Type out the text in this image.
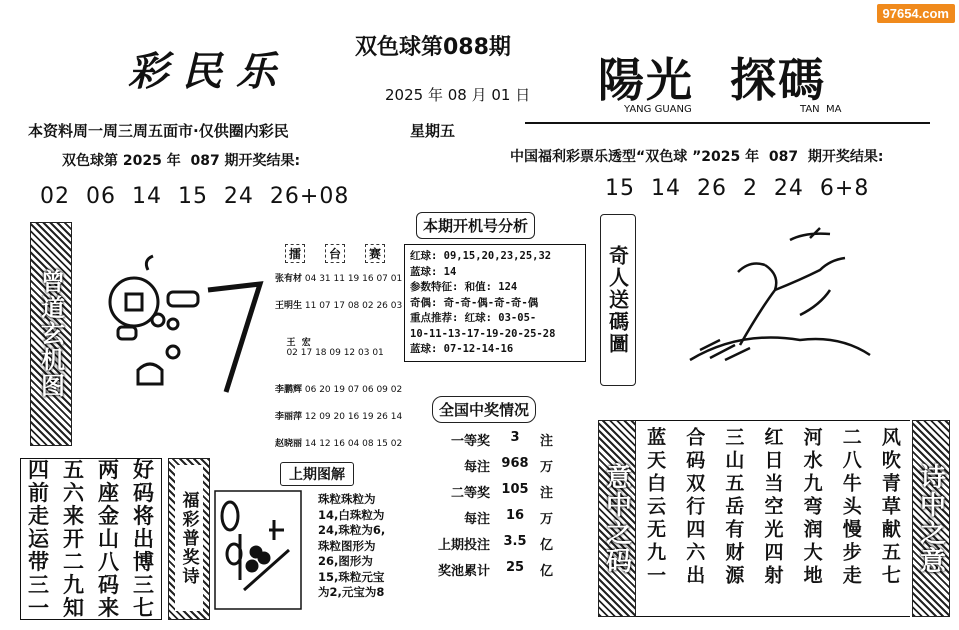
97654.com
彩民乐
双色球第088期
2025 年 08 月 01 日 陽光  探碼
YANG GUANG	TAN  MA
本资料周一周三周五面市·仅供圈内彩民	星期五
双色球第 2025 年  087 期开奖结果:
02  06  14  15  24  26+08
中国福利彩票乐透型“双色球 ”2025 年  087  期开奖结果:
15  14  26  2  24  6+8
曾道玄机图
擂	台	赛
张有材 04 31 11 19 16 07 01
王明生 11 07 17 08 02 26 03

王  宏
02 17 18 09 12 03 01

李鹏辉 06 20 19 07 06 09 02
李丽萍 12 09 20 16 19 26 14
赵晓丽 14 12 16 04 08 15 02
本期开机号分析
红球: 09,15,20,23,25,32
蓝球: 14
参数特征: 和值: 124
奇偶: 奇-奇-偶-奇-奇-偶
重点推荐: 红球: 03-05-
10-11-13-17-19-20-25-28
蓝球: 07-12-14-16
全国中奖情况
一等奖	3	注
每注 968 万
二等奖 105 注
每注	16	万
上期投注	3.5	亿
奖池累计	25	亿
奇人送碼圖
四
前
走
运
带
三
一
五
六
来
开
二
九
知
两
座
金
山
八
码
来
好
码
将
出
博
三
七
福彩普奖诗
上期图解
珠粒珠粒为
14,白珠粒为
24,珠粒为6,
珠粒图形为
26,图形为
15,珠粒元宝
为2,元宝为8
意中之码	风吹青草献五七
二八牛头慢步走
河水九弯润大地
红日当空光四射
三山五岳有财源
合码双行四六出
蓝天白云无九一	诗中之意
